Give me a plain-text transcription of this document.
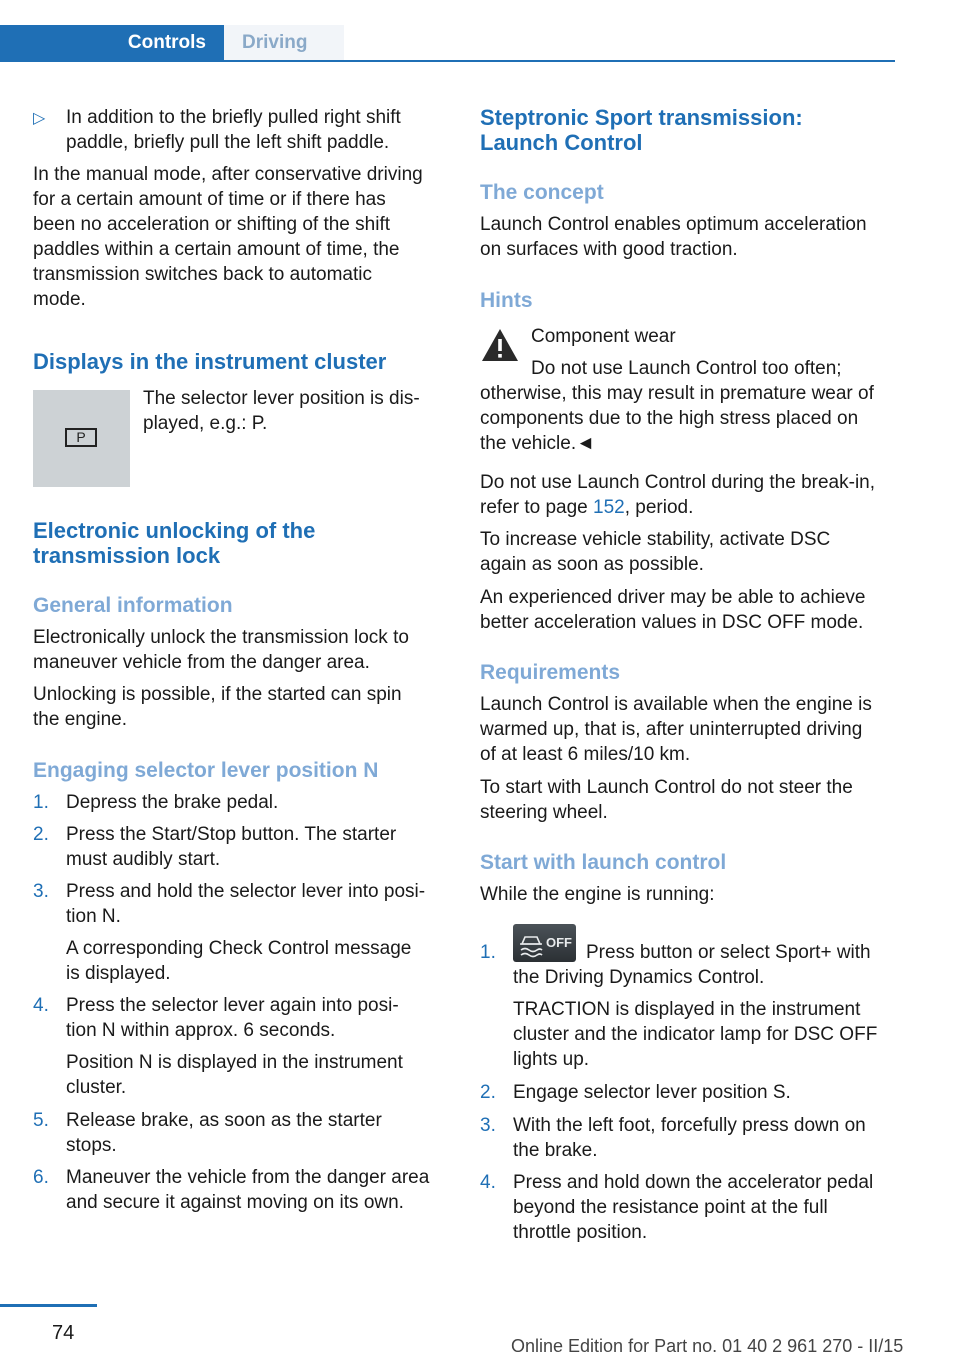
Controls	Driving
▷ In addition to the briefly pulled right shift
paddle, briefly pull the left shift paddle.
In the manual mode, after conservative driving
for a certain amount of time or if there has
been no acceleration or shifting of the shift
paddles within a certain amount of time, the
transmission switches back to automatic
mode.
Displays in the instrument cluster
P
The selector lever position is dis‐
played, e.g.: P.
Electronic unlocking of the
transmission lock
General information
Electronically unlock the transmission lock to
maneuver vehicle from the danger area.
Unlocking is possible, if the started can spin
the engine.
Engaging selector lever position N
1. Depress the brake pedal.
2. Press the Start/Stop button. The starter
must audibly start.
3. Press and hold the selector lever into posi‐
tion N.
A corresponding Check Control message
is displayed.
4. Press the selector lever again into posi‐
tion N within approx. 6 seconds.
Position N is displayed in the instrument
cluster.
5. Release brake, as soon as the starter
stops.
6. Maneuver the vehicle from the danger area
and secure it against moving on its own.
Steptronic Sport transmission:
Launch Control
The concept
Launch Control enables optimum acceleration
on surfaces with good traction.
Hints
Component wear
Do not use Launch Control too often;
otherwise, this may result in premature wear of
components due to the high stress placed on
the vehicle.◄
Do not use Launch Control during the break-in,
refer to page 152, period.
To increase vehicle stability, activate DSC
again as soon as possible.
An experienced driver may be able to achieve
better acceleration values in DSC OFF mode.
Requirements
Launch Control is available when the engine is
warmed up, that is, after uninterrupted driving
of at least 6 miles/10 km.
To start with Launch Control do not steer the
steering wheel.
Start with launch control
While the engine is running:
1.	OFF Press button or select Sport+ with
the Driving Dynamics Control.
TRACTION is displayed in the instrument
cluster and the indicator lamp for DSC OFF
lights up.
2. Engage selector lever position S.
3. With the left foot, forcefully press down on
the brake.
4. Press and hold down the accelerator pedal
beyond the resistance point at the full
throttle position.
74
Online Edition for Part no. 01 40 2 961 270 - II/15
